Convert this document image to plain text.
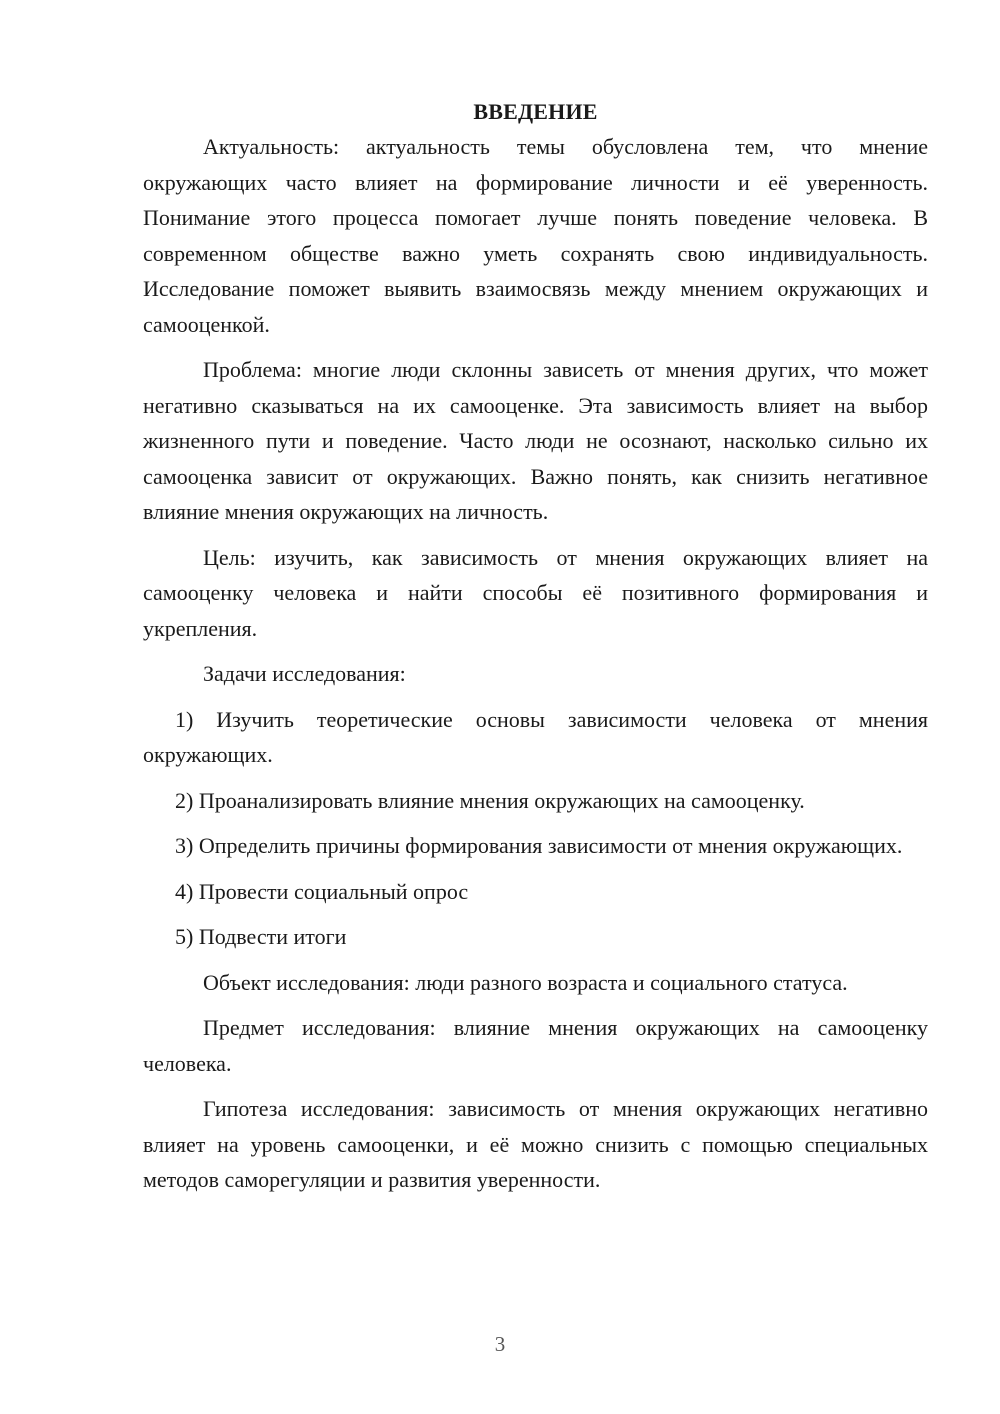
ВВЕДЕНИЕ

Актуальность: актуальность темы обусловлена тем, что мнение окружающих часто влияет на формирование личности и её уверенность. Понимание этого процесса помогает лучше понять поведение человека. В современном обществе важно уметь сохранять свою индивидуальность. Исследование поможет выявить взаимосвязь между мнением окружающих и самооценкой.

Проблема: многие люди склонны зависеть от мнения других, что может негативно сказываться на их самооценке. Эта зависимость влияет на выбор жизненного пути и поведение. Часто люди не осознают, насколько сильно их самооценка зависит от окружающих. Важно понять, как снизить негативное влияние мнения окружающих на личность.

Цель: изучить, как зависимость от мнения окружающих влияет на самооценку человека и найти способы её позитивного формирования и укрепления.

Задачи исследования:

1) Изучить теоретические основы зависимости человека от мнения окружающих.

2) Проанализировать влияние мнения окружающих на самооценку.

3) Определить причины формирования зависимости от мнения окружающих.

4) Провести социальный опрос

5) Подвести итоги

Объект исследования: люди разного возраста и социального статуса.

Предмет исследования: влияние мнения окружающих на самооценку человека.

Гипотеза исследования: зависимость от мнения окружающих негативно влияет на уровень самооценки, и её можно снизить с помощью специальных методов саморегуляции и развития уверенности.

3
